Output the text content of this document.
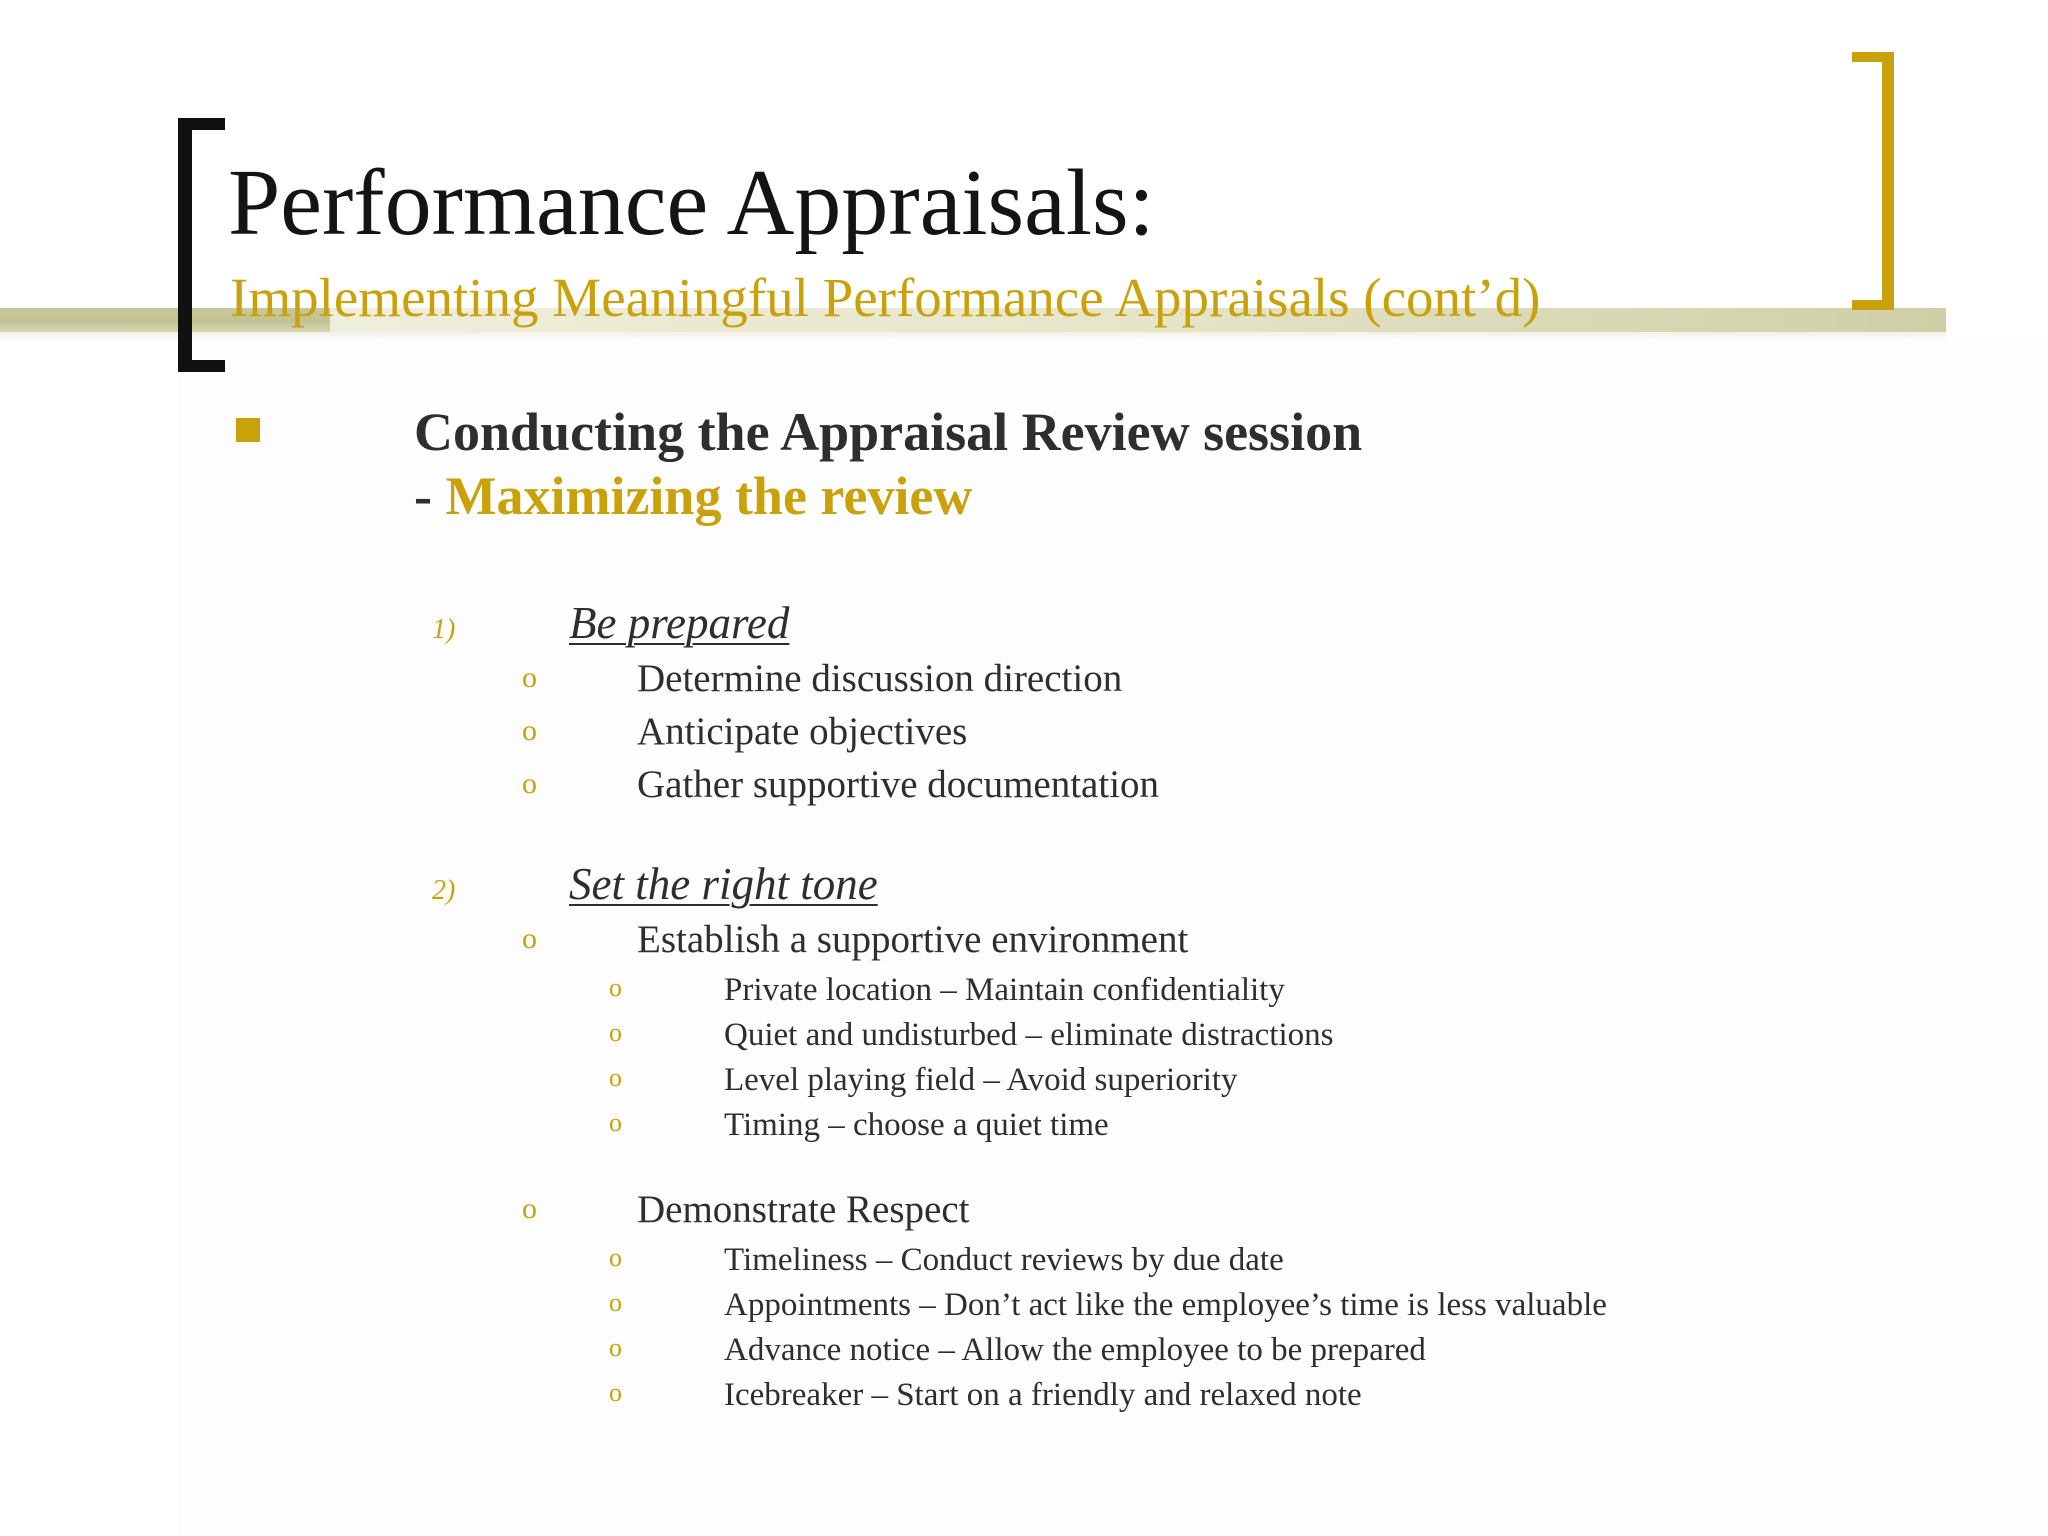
Performance Appraisals:
Implementing Meaningful Performance Appraisals (cont’d)
Conducting the Appraisal Review session
- Maximizing the review
1)	Be prepared
o	Determine discussion direction
o	Anticipate objectives
o	Gather supportive documentation
2)	Set the right tone
o	Establish a supportive environment
o	Private location – Maintain confidentiality
o	Quiet and undisturbed – eliminate distractions
o	Level playing field – Avoid superiority
o	Timing – choose a quiet time
o	Demonstrate Respect
o	Timeliness – Conduct reviews by due date
o	Appointments – Don’t act like the employee’s time is less valuable
o	Advance notice – Allow the employee to be prepared
o	Icebreaker – Start on a friendly and relaxed note
